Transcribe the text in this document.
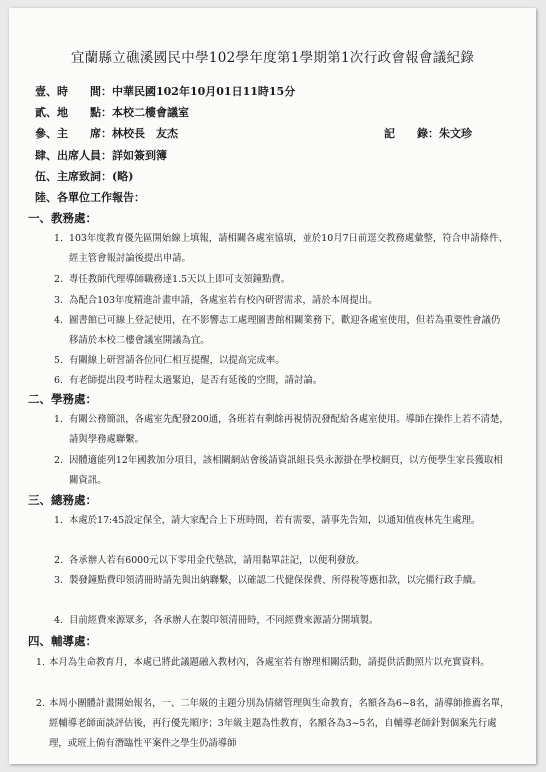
宜蘭縣立礁溪國民中學102學年度第1學期第1次行政會報會議紀錄
壹、時　　間：中華民國102年10月01日11時15分
貳、地　　點：本校二樓會議室
參、主　　席：林校長　友杰	記　　錄：朱文珍
肆、出席人員：詳如簽到簿
伍、主席致詞：(略)
陸、各單位工作報告：
一、教務處：
1. 103年度教育優先區開始線上填報，請相關各處室協填，並於10月7日前逕交教務處彙整，符合申請條件、經主管會報討論後提出申請。
2. 專任教師代理導師職務達1.5天以上即可支領鐘點費。
3. 為配合103年度精進計畫申請，各處室若有校內研習需求，請於本周提出。
4. 圖書館已可線上登記使用，在不影響志工處理圖書館相關業務下，歡迎各處室使用，但若為重要性會議仍移請於本校二樓會議室開議為宜。
5. 有關線上研習請各位同仁相互提醒，以提高完成率。
6. 有老師提出段考時程太過緊迫，是否有延後的空間，請討論。
二、學務處：
1. 有關公務簡訊，各處室先配發200通，各班若有剩餘再視情況發配給各處室使用。導師在操作上若不清楚，請與學務處聯繫。
2. 因體適能列12年國教加分項目，該相關網站會後請資訊組長吳永源掛在學校網頁，以方便學生家長獲取相關資訊。
三、總務處：
1. 本處於17:45設定保全，請大家配合上下班時間，若有需要，請事先告知，以通知值夜林先生處理。
2. 各承辦人若有6000元以下零用金代墊款，請用黏單註記，以便利發放。
3. 製發鐘點費印領清冊時請先與出納聯繫，以確認二代健保保費、所得稅等應扣款，以完備行政手續。
4. 目前經費來源眾多，各承辦人在製印領清冊時，不同經費來源請分開填製。
四、輔導處：
1. 本月為生命教育月，本處已將此議題融入教材內，各處室若有辦理相關活動，請提供活動照片以充實資料。
2. 本周小團體計畫開始報名，一、二年級的主題分別為情緒管理與生命教育，名額各為6~8名，請導師推薦名單，經輔導老師面談評估後，再行優先順序；3年級主題為性教育，名額各為3~5名，自輔導老師針對個案先行處理，或班上倘有潛臨性平案件之學生仍請導師
